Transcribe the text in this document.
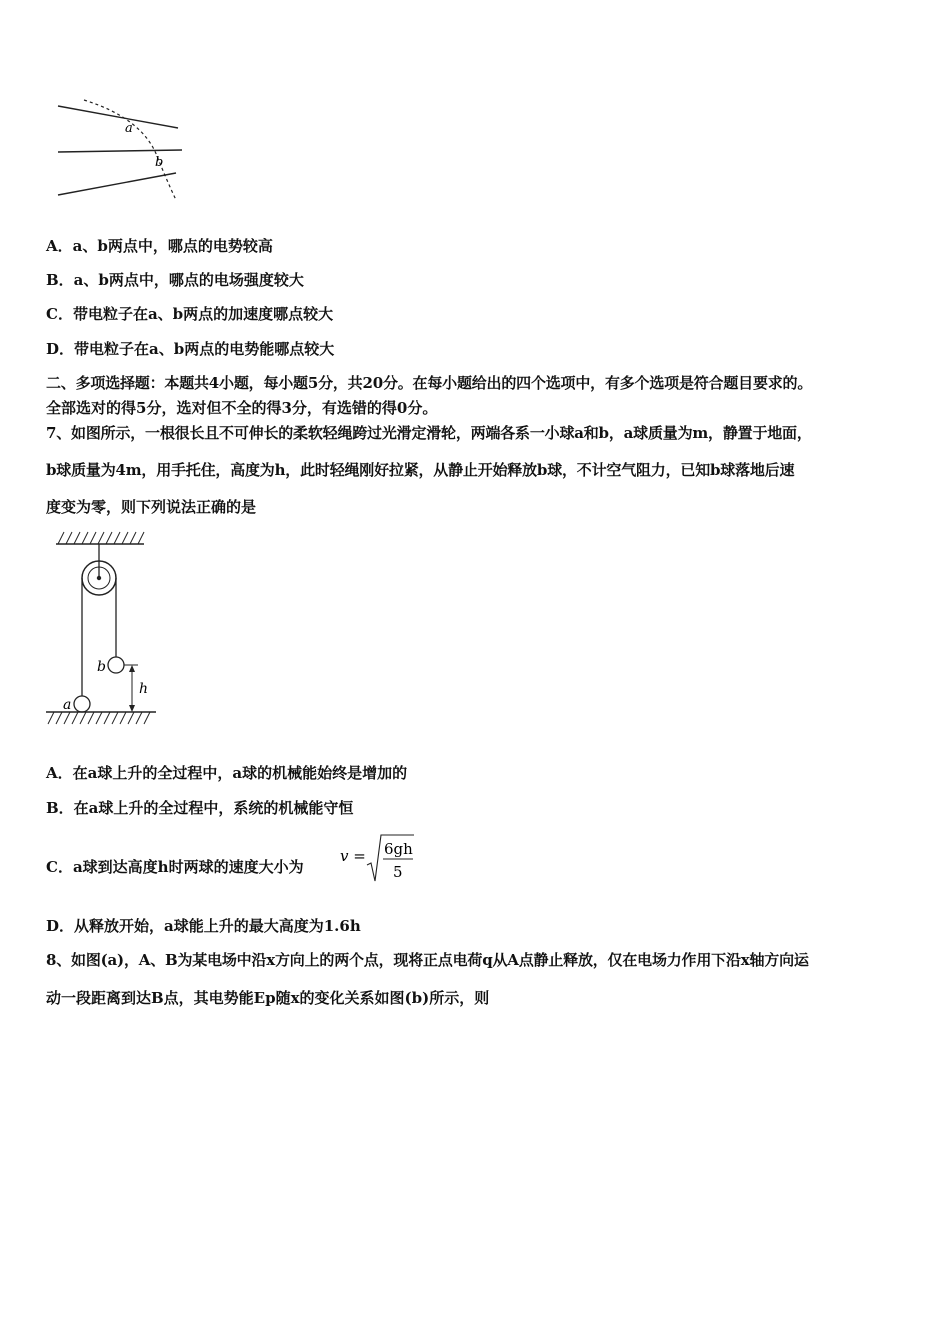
a
b
A．a、b两点中，哪点的电势较高
B．a、b两点中，哪点的电场强度较大
C．带电粒子在a、b两点的加速度哪点较大
D．带电粒子在a、b两点的电势能哪点较大
二、多项选择题：本题共4小题，每小题5分，共20分。在每小题给出的四个选项中，有多个选项是符合题目要求的。
全部选对的得5分，选对但不全的得3分，有选错的得0分。
7、如图所示，一根很长且不可伸长的柔软轻绳跨过光滑定滑轮，两端各系一小球a和b，a球质量为m，静置于地面，
b球质量为4m，用手托住，高度为h，此时轻绳刚好拉紧，从静止开始释放b球，不计空气阻力，已知b球落地后速
度变为零，则下列说法正确的是
b
h
a
A．在a球上升的全过程中，a球的机械能始终是增加的
B．在a球上升的全过程中，系统的机械能守恒
C．a球到达高度h时两球的速度大小为
v = 6gh
5
D．从释放开始，a球能上升的最大高度为1.6h
8、如图(a)，A、B为某电场中沿x方向上的两个点，现将正点电荷q从A点静止释放，仅在电场力作用下沿x轴方向运
动一段距离到达B点，其电势能Ep随x的变化关系如图(b)所示，则
